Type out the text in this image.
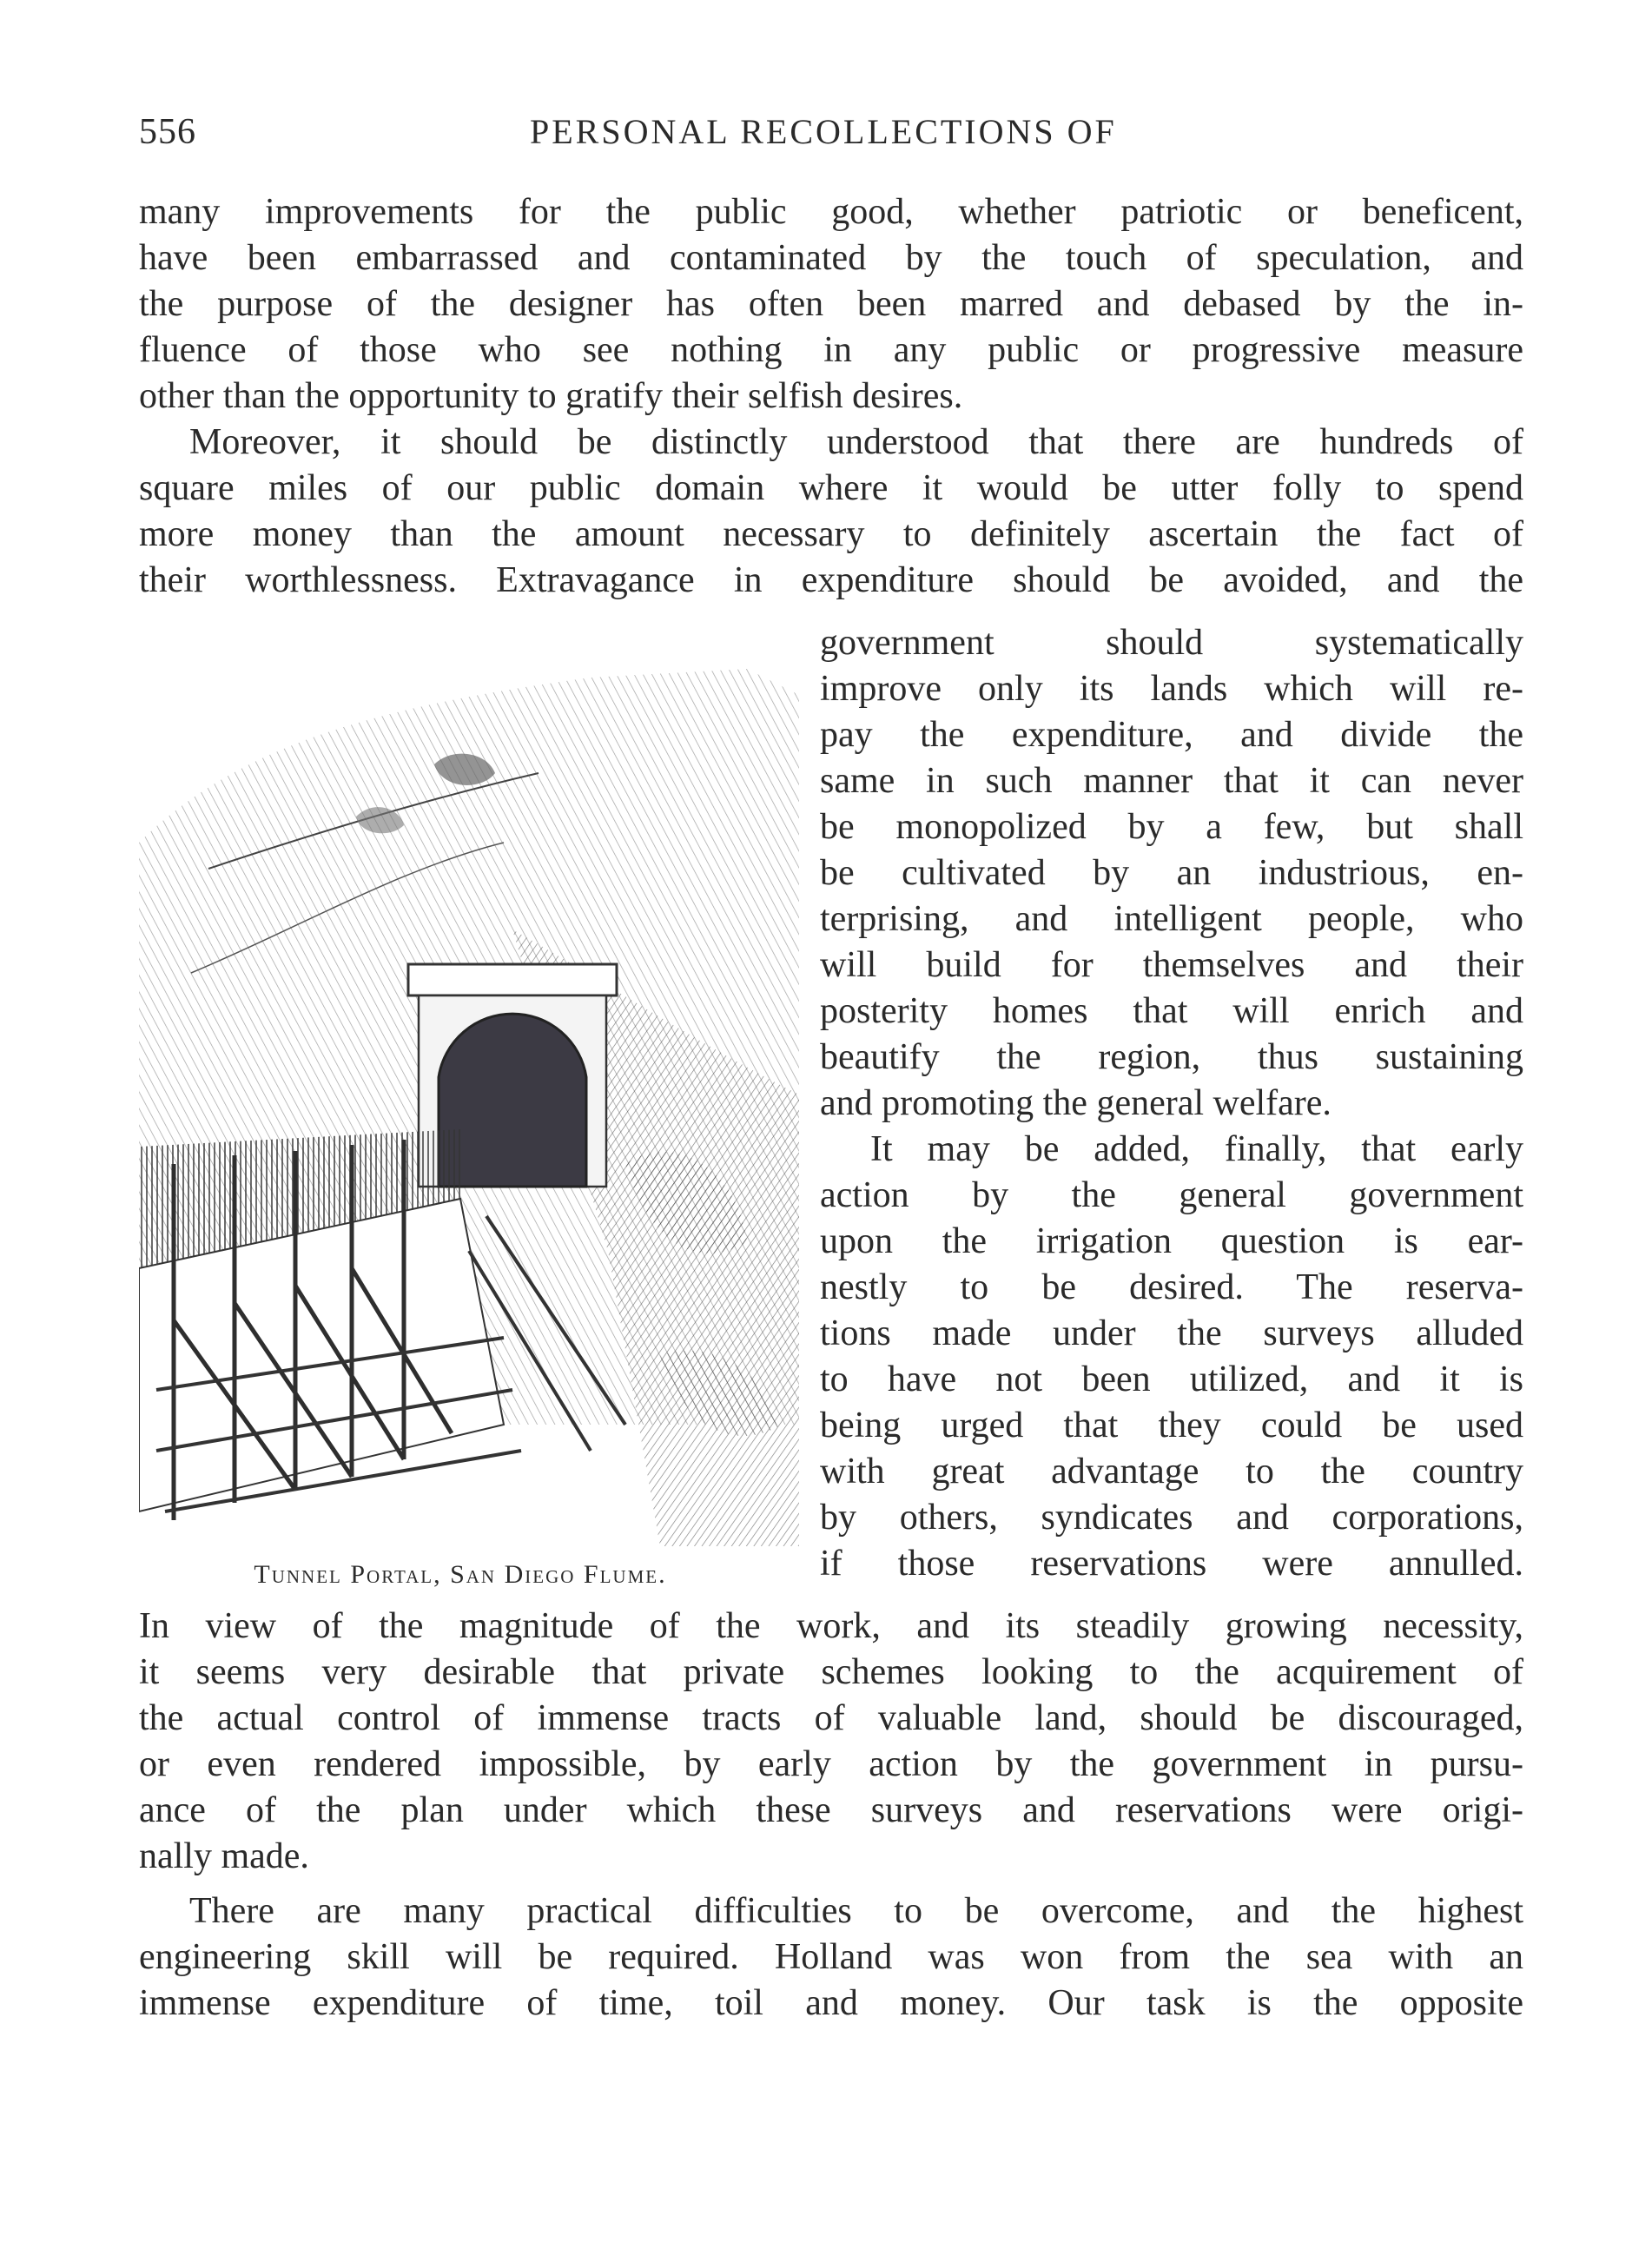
556	PERSONAL RECOLLECTIONS OF
many improvements for the public good, whether patriotic or beneficent,
have been embarrassed and contaminated by the touch of speculation, and
the purpose of the designer has often been marred and debased by the in-
fluence of those who see nothing in any public or progressive measure
other than the opportunity to gratify their selfish desires.
Moreover, it should be distinctly understood that there are hundreds of
square miles of our public domain where it would be utter folly to spend
more money than the amount necessary to definitely ascertain the fact of
their worthlessness. Extravagance in expenditure should be avoided, and the
Tunnel Portal, San Diego Flume.
government should systematically
improve only its lands which will re-
pay the expenditure, and divide the
same in such manner that it can never
be monopolized by a few, but shall
be cultivated by an industrious, en-
terprising, and intelligent people, who
will build for themselves and their
posterity homes that will enrich and
beautify the region, thus sustaining
and promoting the general welfare.
It may be added, finally, that early
action by the general government
upon the irrigation question is ear-
nestly to be desired. The reserva-
tions made under the surveys alluded
to have not been utilized, and it is
being urged that they could be used
with great advantage to the country
by others, syndicates and corporations,
if those reservations were annulled.
In view of the magnitude of the work, and its steadily growing necessity,
it seems very desirable that private schemes looking to the acquirement of
the actual control of immense tracts of valuable land, should be discouraged,
or even rendered impossible, by early action by the government in pursu-
ance of the plan under which these surveys and reservations were origi-
nally made.
There are many practical difficulties to be overcome, and the highest
engineering skill will be required. Holland was won from the sea with an
immense expenditure of time, toil and money. Our task is the opposite
